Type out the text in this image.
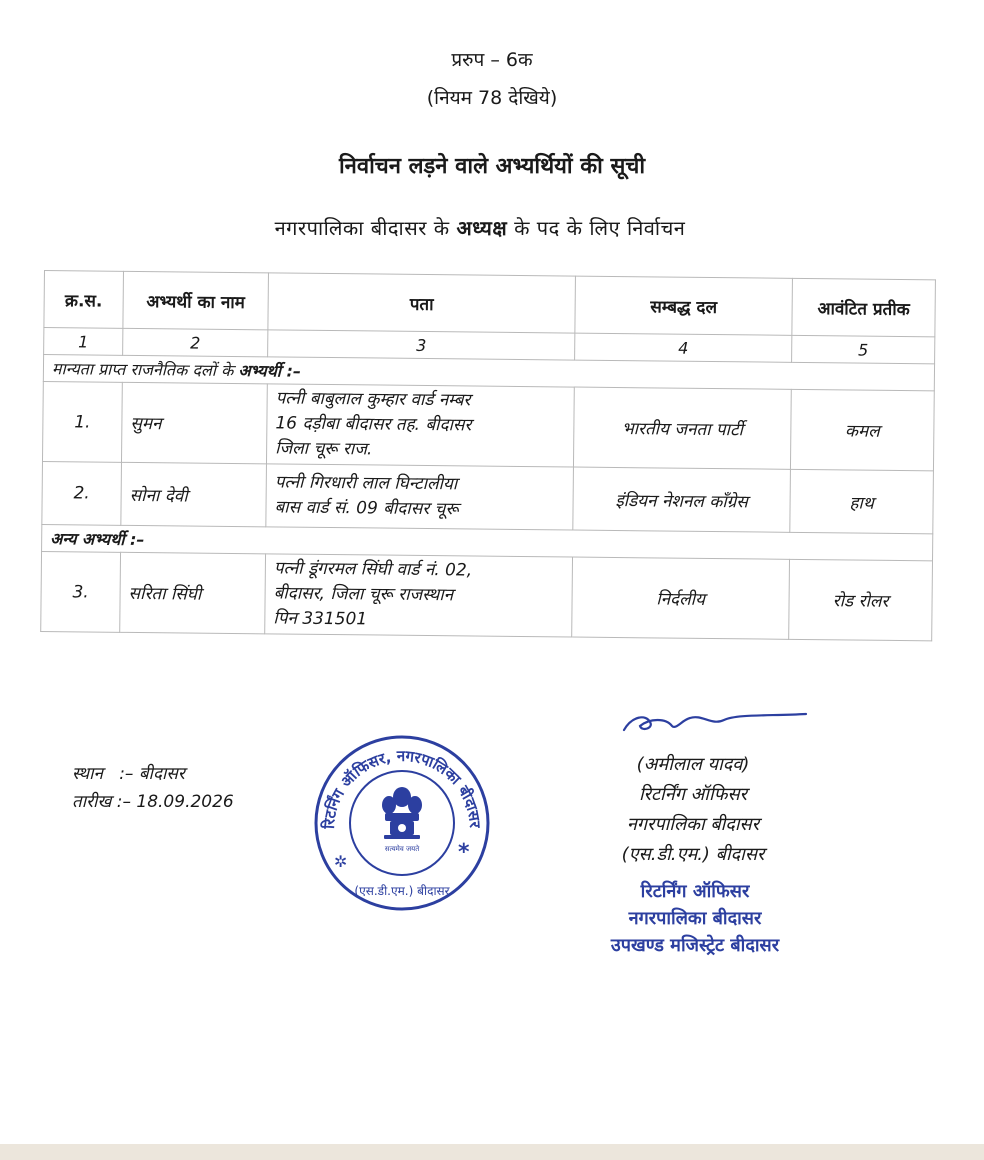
प्ररुप – 6क
(नियम 78 देखिये)
निर्वाचन लड़ने वाले अभ्यर्थियों की सूची
नगरपालिका बीदासर के अध्यक्ष के पद के लिए निर्वाचन
क्र.स.	अभ्यर्थी का नाम	पता	सम्बद्ध दल	आवंटित प्रतीक
1	2	3	4	5
मान्यता प्राप्त राजनैतिक दलों के अभ्यर्थी :–				
1.	सुमन	पत्नी बाबुलाल कुम्हार वार्ड नम्बर
16 दड़ीबा बीदासर तह. बीदासर
जिला चूरू राज.	भारतीय जनता पार्टी	कमल
2.	सोना देवी	पत्नी गिरधारी लाल घिन्टालीया
बास वार्ड सं. 09 बीदासर चूरू	इंडियन नेशनल कॉंग्रेस	हाथ
अन्य अभ्यर्थी :–				
3.	सरिता सिंघी	पत्नी डूंगरमल सिंघी वार्ड नं. 02,
बीदासर, जिला चूरू राजस्थान
पिन 331501	निर्दलीय	रोड रोलर
स्थान :– बीदासर
तारीख :– 18.09.2026
रिटर्निंग ऑफिसर, नगरपालिका बीदासर
(एस.डी.एम.) बीदासर
✲	*
सत्यमेव जयते
(अमीलाल यादव)
रिटर्निंग ऑफिसर
नगरपालिका बीदासर
(एस.डी.एम.) बीदासर
रिटर्निंग ऑफिसर
नगरपालिका बीदासर
उपखण्ड मजिस्ट्रेट बीदासर
